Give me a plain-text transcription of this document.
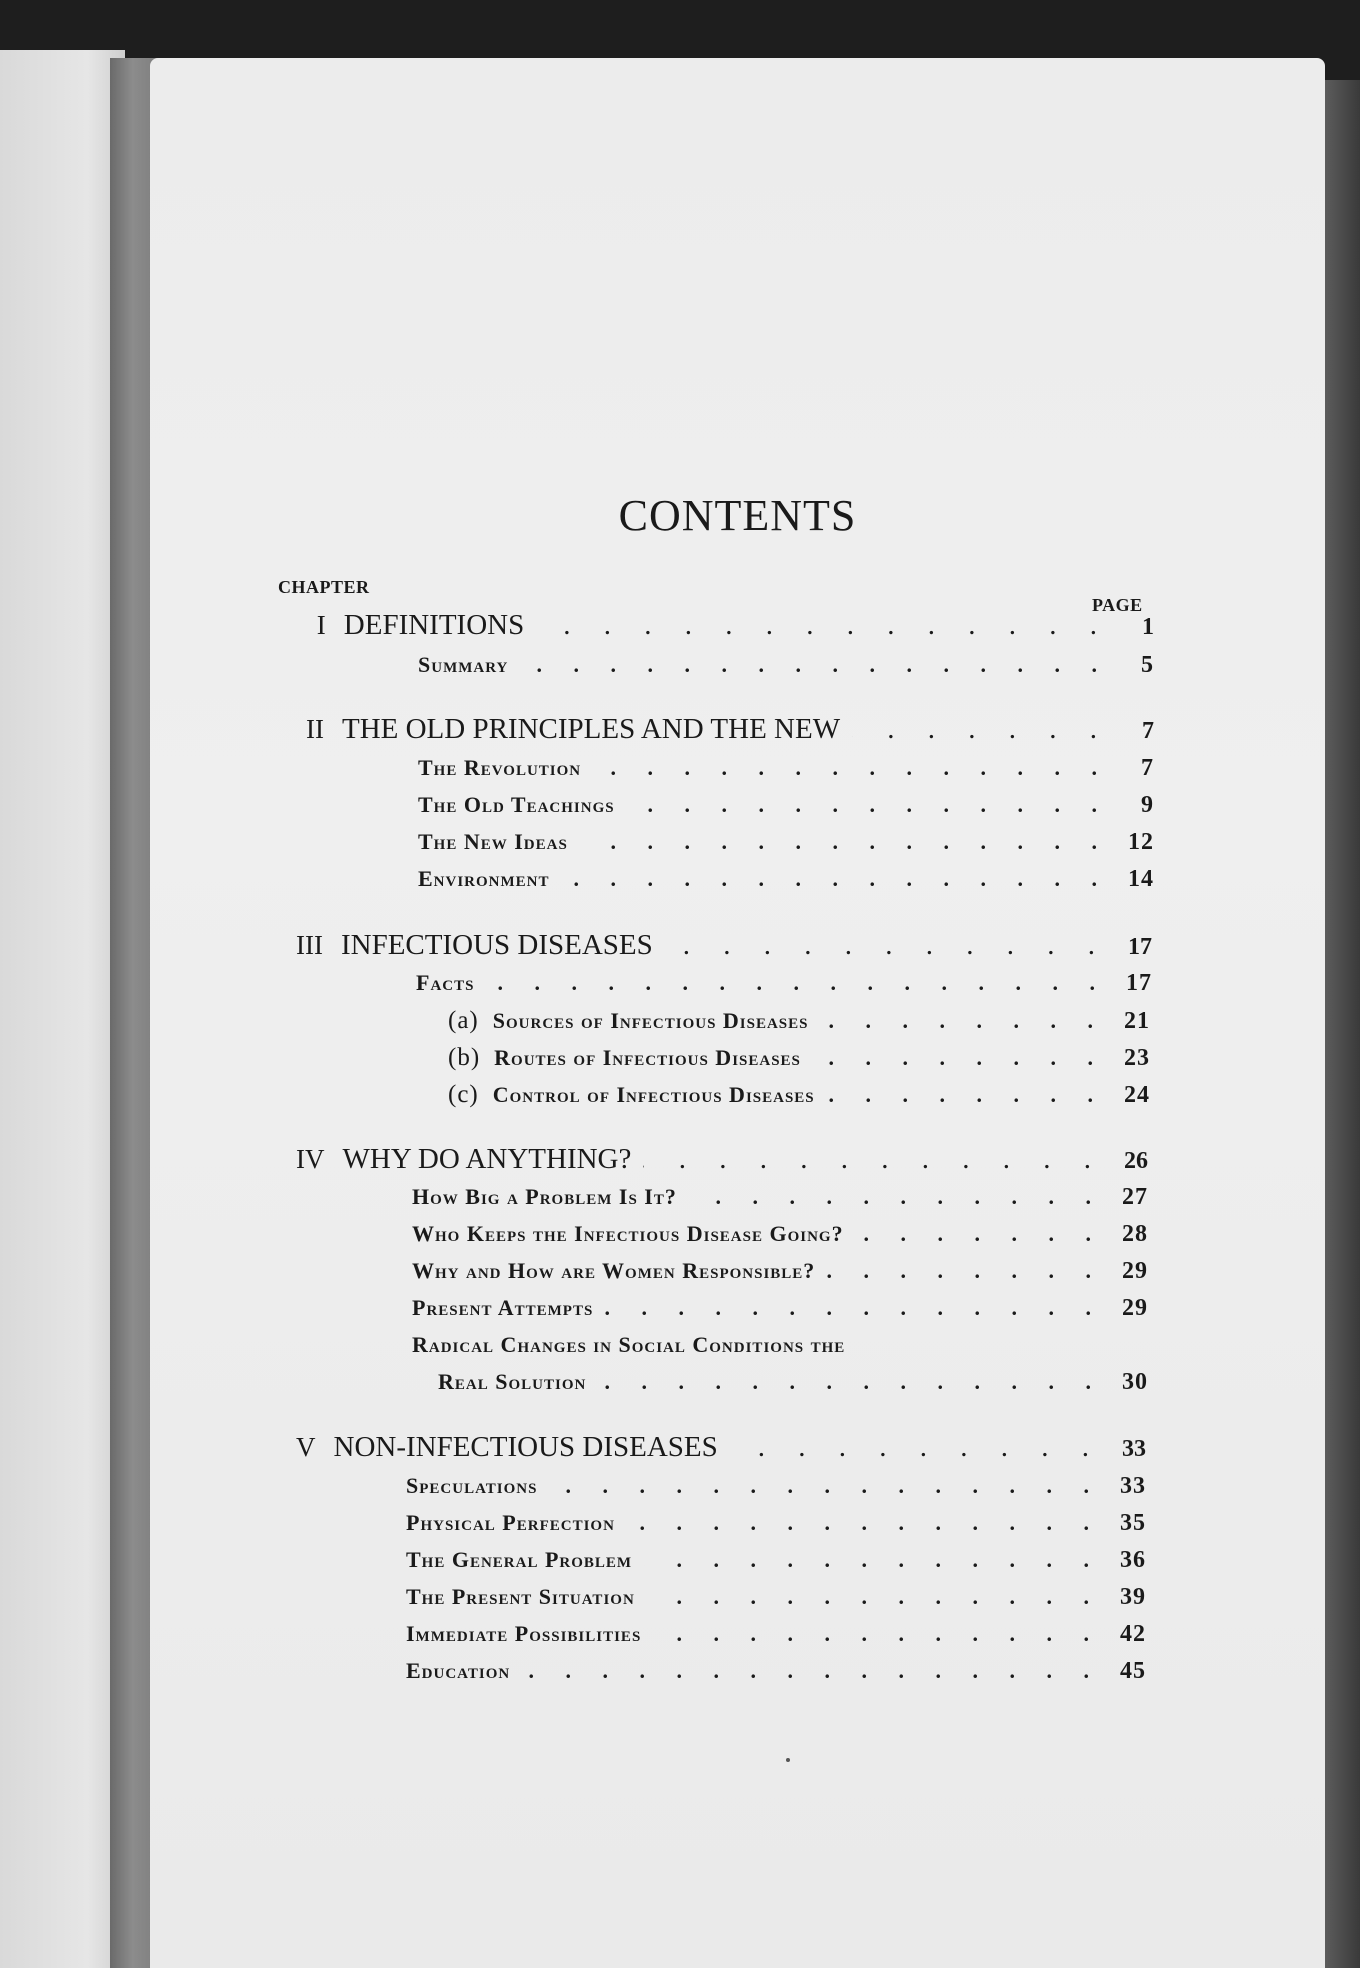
CONTENTS
CHAPTER
PAGE
I DEFINITIONS . . .	1
Summary . . .	5
II THE OLD PRINCIPLES AND THE NEW . . .	7
The Revolution . . .	7
The Old Teachings . . .	9
The New Ideas . . .	12
Environment . . .	14
III INFECTIOUS DISEASES . . .	17
Facts . . .	17
(a) Sources of Infectious Diseases . . .	21
(b) Routes of Infectious Diseases . . .	23
(c) Control of Infectious Diseases . . .	24
IV WHY DO ANYTHING? . . .	26
How Big a Problem Is It? . . .	27
Who Keeps the Infectious Disease Going? . . .	28
Why and How are Women Responsible? . . .	29
Present Attempts . . .	29
Radical Changes in Social Conditions the
Real Solution . . .	30
V NON-INFECTIOUS DISEASES . . .	33
Speculations . . .	33
Physical Perfection . . .	35
The General Problem . . .	36
The Present Situation . . .	39
Immediate Possibilities . . .	42
Education . . .	45
